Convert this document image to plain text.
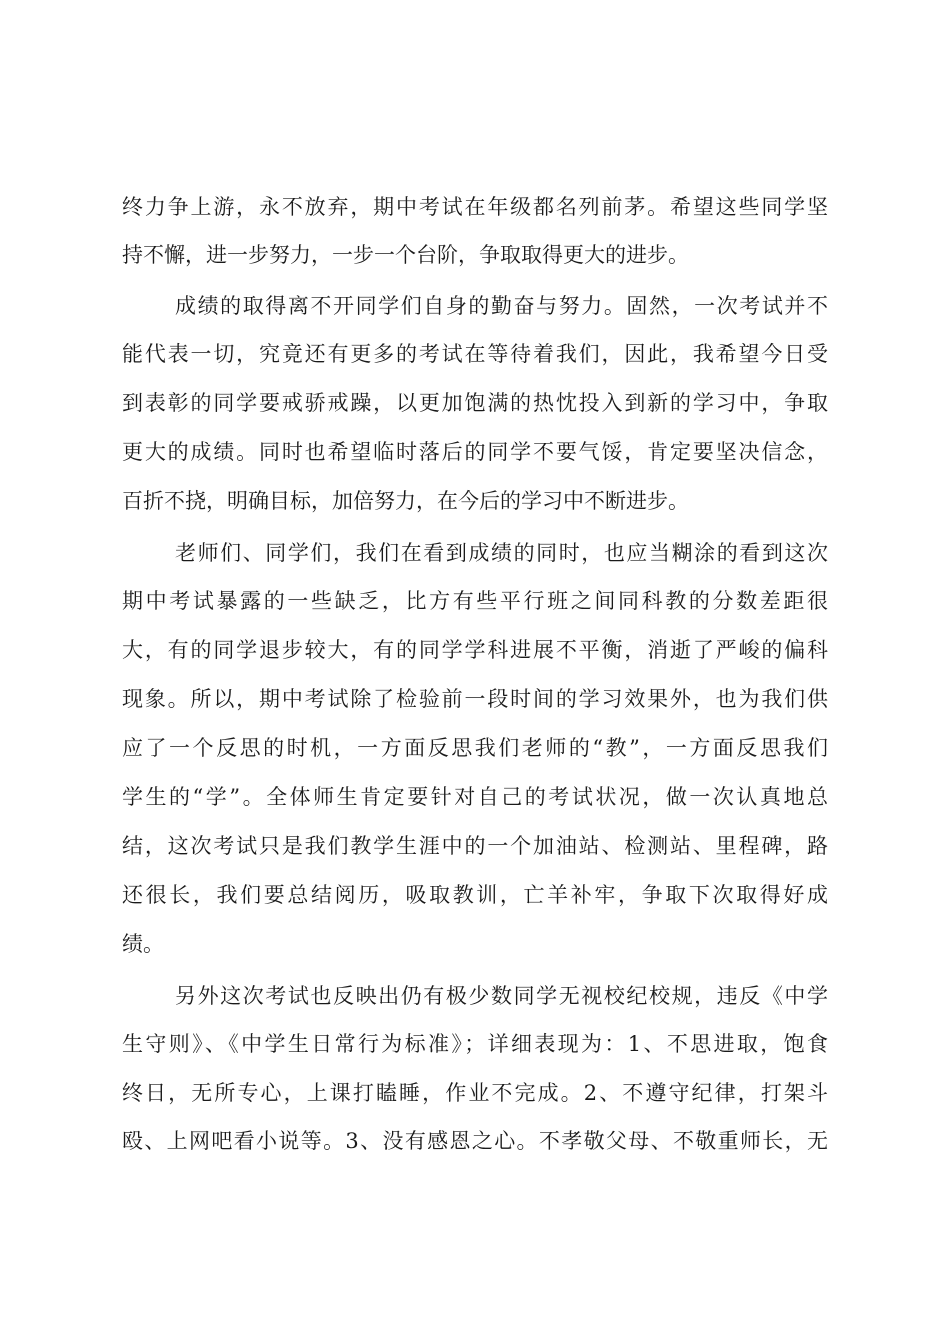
终力争上游，永不放弃，期中考试在年级都名列前茅。希望这些同学坚
持不懈，进一步努力，一步一个台阶，争取取得更大的进步。
成绩的取得离不开同学们自身的勤奋与努力。固然，一次考试并不
能代表一切，究竟还有更多的考试在等待着我们，因此，我希望今日受
到表彰的同学要戒骄戒躁，以更加饱满的热忱投入到新的学习中，争取
更大的成绩。同时也希望临时落后的同学不要气馁，肯定要坚决信念，
百折不挠，明确目标，加倍努力，在今后的学习中不断进步。
老师们、同学们，我们在看到成绩的同时，也应当糊涂的看到这次
期中考试暴露的一些缺乏，比方有些平行班之间同科教的分数差距很
大，有的同学退步较大，有的同学学科进展不平衡，消逝了严峻的偏科
现象。所以，期中考试除了检验前一段时间的学习效果外，也为我们供
应了一个反思的时机，一方面反思我们老师的“教”，一方面反思我们
学生的“学”。全体师生肯定要针对自己的考试状况，做一次认真地总
结，这次考试只是我们教学生涯中的一个加油站、检测站、里程碑，路
还很长，我们要总结阅历，吸取教训，亡羊补牢，争取下次取得好成
绩。
另外这次考试也反映出仍有极少数同学无视校纪校规，违反《中学
生守则》、《中学生日常行为标准》；详细表现为：1、不思进取，饱食
终日，无所专心，上课打瞌睡，作业不完成。2、不遵守纪律，打架斗
殴、上网吧看小说等。3、没有感恩之心。不孝敬父母、不敬重师长，无
